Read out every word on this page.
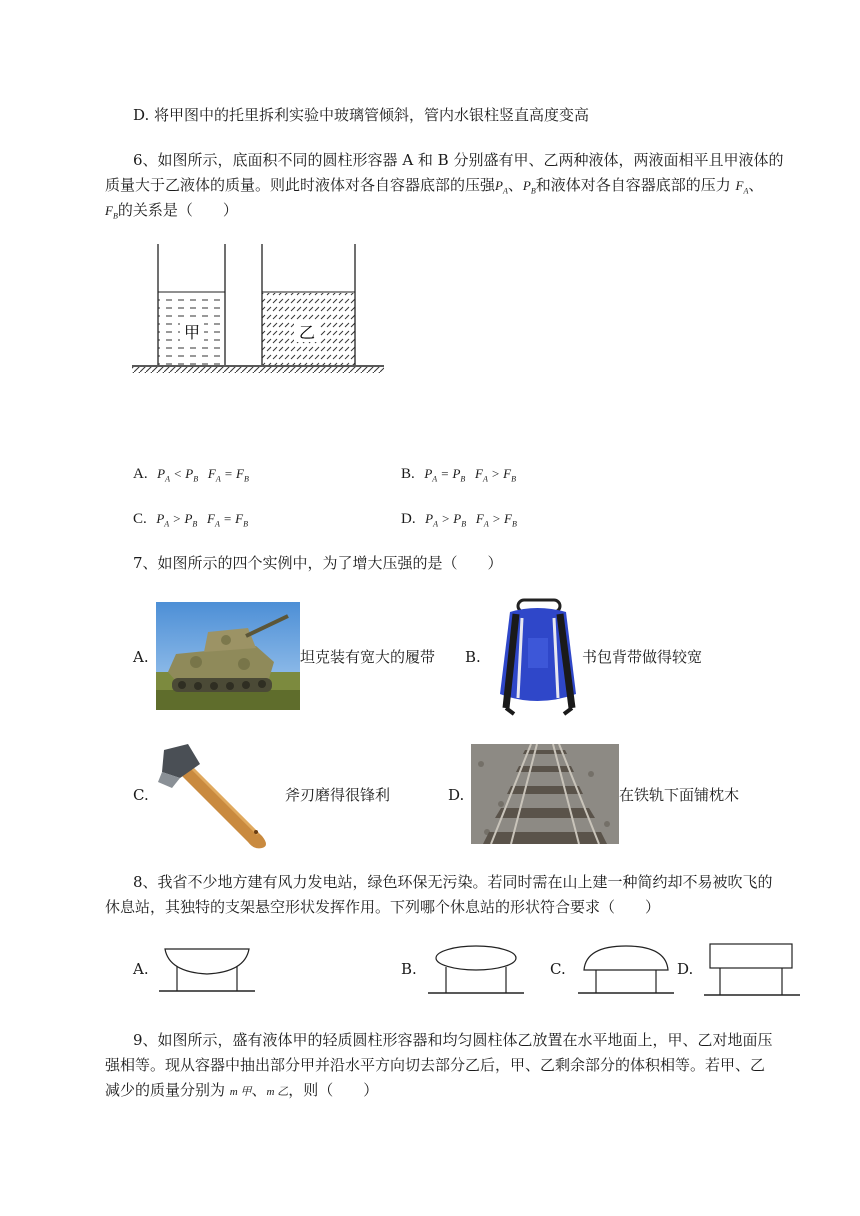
D. 将甲图中的托里拆利实验中玻璃管倾斜，管内水银柱竖直高度变高
6、如图所示，底面积不同的圆柱形容器 A 和 B 分别盛有甲、乙两种液体，两液面相平且甲液体的
质量大于乙液体的质量。则此时液体对各自容器底部的压强$P_A$、$P_B$和液体对各自容器底部的压力 $F_A$、
$F_B$的关系是（　　）
甲	乙
A. $P_A < P_B$ $F_A = F_B$	B. $P_A = P_B$ $F_A > F_B$
C. $P_A > P_B$ $F_A = F_B$	D. $P_A > P_B$ $F_A > F_B$
7、如图所示的四个实例中，为了增大压强的是（　　）
A.	坦克装有宽大的履带 B.	书包背带做得较宽
C.	斧刃磨得很锋利	D.	在铁轨下面铺枕木
8、我省不少地方建有风力发电站，绿色环保无污染。若同时需在山上建一种简约却不易被吹飞的
休息站，其独特的支架悬空形状发挥作用。下列哪个休息站的形状符合要求（　　）
A.	B.	C.	D.
9、如图所示，盛有液体甲的轻质圆柱形容器和均匀圆柱体乙放置在水平地面上，甲、乙对地面压
强相等。现从容器中抽出部分甲并沿水平方向切去部分乙后，甲、乙剩余部分的体积相等。若甲、乙
减少的质量分别为 m 甲、m 乙，则（　　）
